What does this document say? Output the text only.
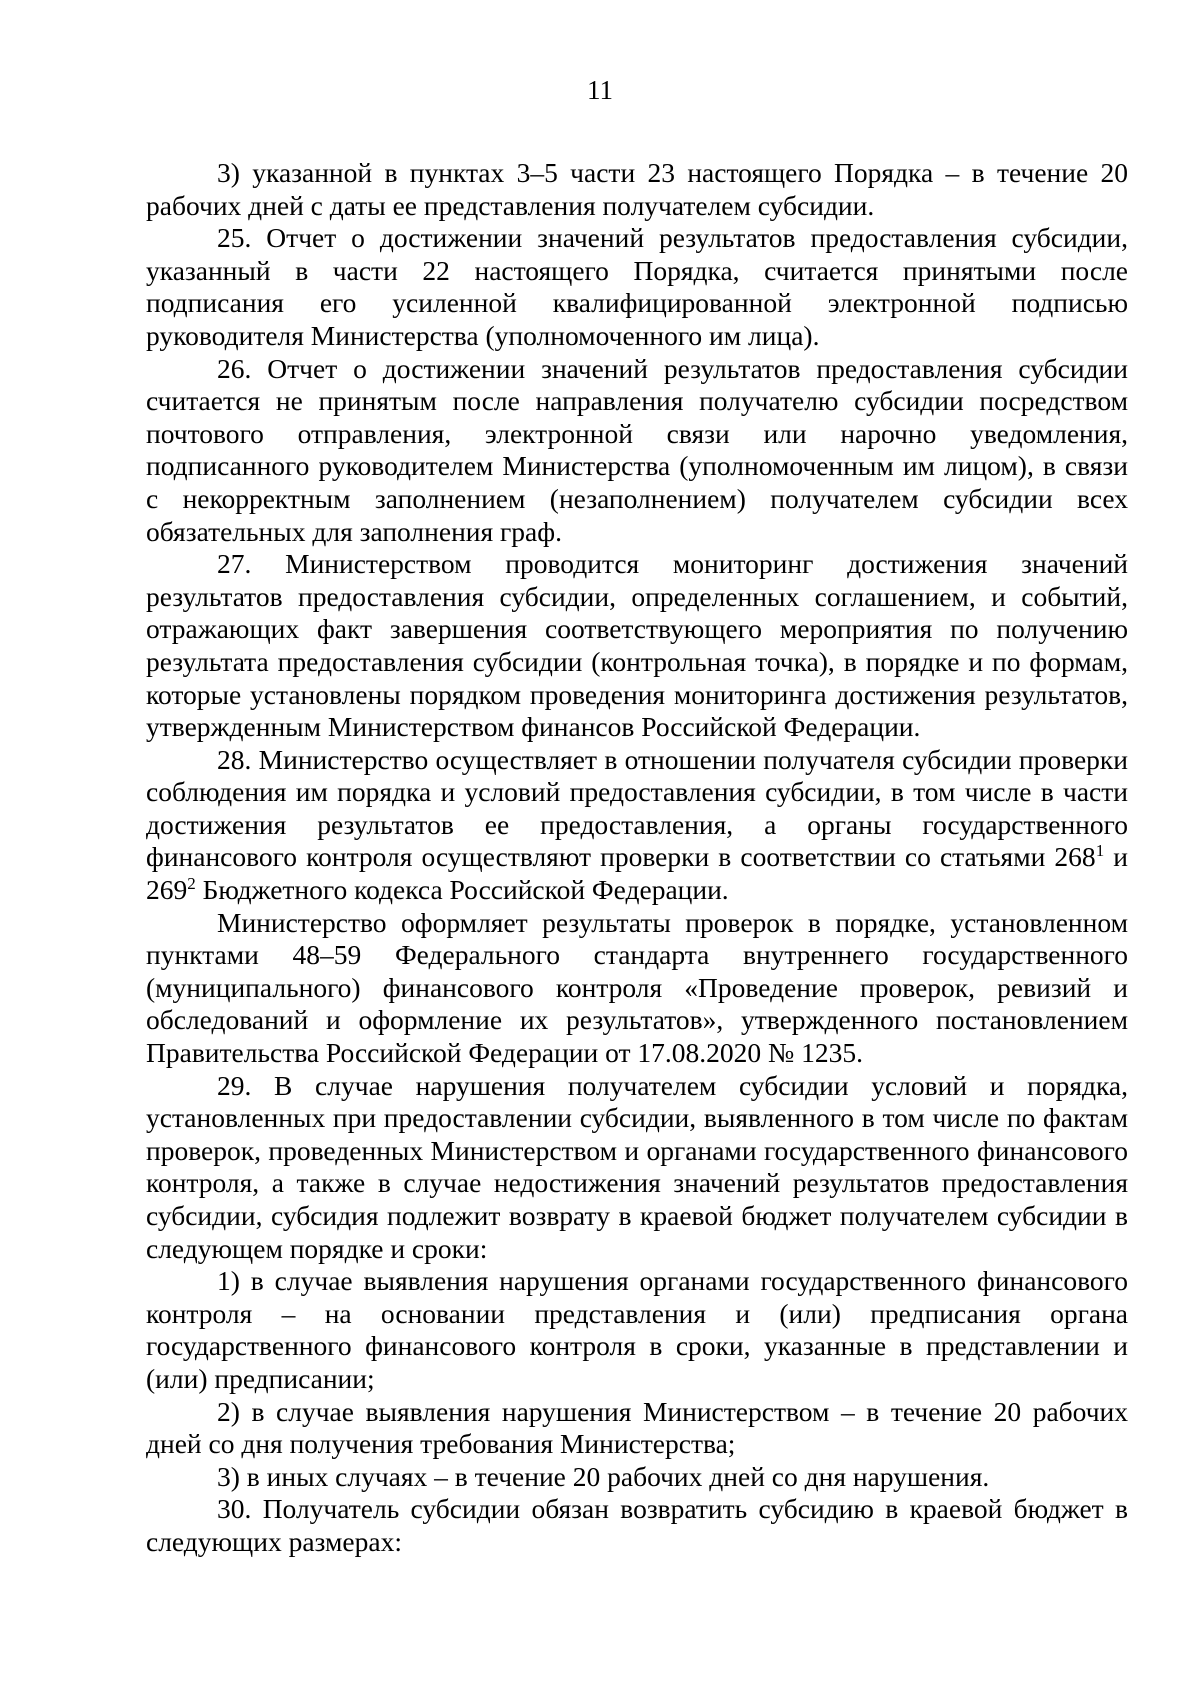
11

3) указанной в пунктах 3–5 части 23 настоящего Порядка – в течение 20 рабочих дней с даты ее представления получателем субсидии.

25. Отчет о достижении значений результатов предоставления субсидии, указанный в части 22 настоящего Порядка, считается принятыми после подписания его усиленной квалифицированной электронной подписью руководителя Министерства (уполномоченного им лица).

26. Отчет о достижении значений результатов предоставления субсидии считается не принятым после направления получателю субсидии посредством почтового отправления, электронной связи или нарочно уведомления, подписанного руководителем Министерства (уполномоченным им лицом), в связи с некорректным заполнением (незаполнением) получателем субсидии всех обязательных для заполнения граф.

27. Министерством проводится мониторинг достижения значений результатов предоставления субсидии, определенных соглашением, и событий, отражающих факт завершения соответствующего мероприятия по получению результата предоставления субсидии (контрольная точка), в порядке и по формам, которые установлены порядком проведения мониторинга достижения результатов, утвержденным Министерством финансов Российской Федерации.

28. Министерство осуществляет в отношении получателя субсидии проверки соблюдения им порядка и условий предоставления субсидии, в том числе в части достижения результатов ее предоставления, а органы государственного финансового контроля осуществляют проверки в соответствии со статьями $268^1$ и $269^2$ Бюджетного кодекса Российской Федерации.

Министерство оформляет результаты проверок в порядке, установленном пунктами 48–59 Федерального стандарта внутреннего государственного (муниципального) финансового контроля «Проведение проверок, ревизий и обследований и оформление их результатов», утвержденного постановлением Правительства Российской Федерации от 17.08.2020 № 1235.

29. В случае нарушения получателем субсидии условий и порядка, установленных при предоставлении субсидии, выявленного в том числе по фактам проверок, проведенных Министерством и органами государственного финансового контроля, а также в случае недостижения значений результатов предоставления субсидии, субсидия подлежит возврату в краевой бюджет получателем субсидии в следующем порядке и сроки:

1) в случае выявления нарушения органами государственного финансового контроля – на основании представления и (или) предписания органа государственного финансового контроля в сроки, указанные в представлении и (или) предписании;

2) в случае выявления нарушения Министерством – в течение 20 рабочих дней со дня получения требования Министерства;

3) в иных случаях – в течение 20 рабочих дней со дня нарушения.

30. Получатель субсидии обязан возвратить субсидию в краевой бюджет в следующих размерах:
